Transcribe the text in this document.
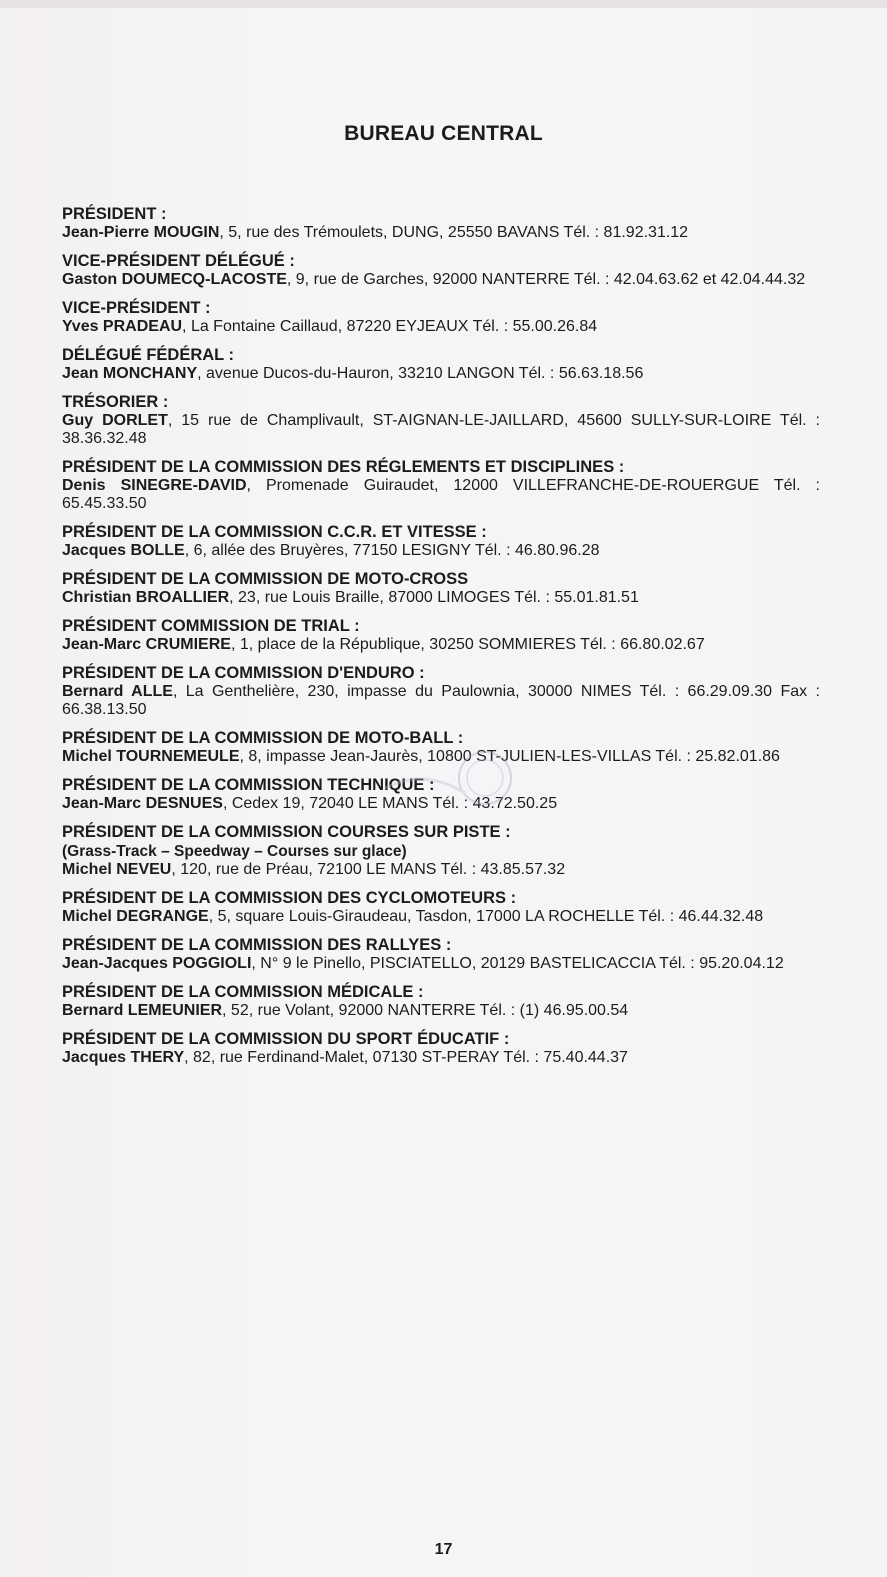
BUREAU CENTRAL
PRÉSIDENT :
Jean-Pierre MOUGIN, 5, rue des Trémoulets, DUNG, 25550 BAVANS Tél. : 81.92.31.12
VICE-PRÉSIDENT DÉLÉGUÉ :
Gaston DOUMECQ-LACOSTE, 9, rue de Garches, 92000 NANTERRE Tél. : 42.04.63.62 et 42.04.44.32
VICE-PRÉSIDENT :
Yves PRADEAU, La Fontaine Caillaud, 87220 EYJEAUX Tél. : 55.00.26.84
DÉLÉGUÉ FÉDÉRAL :
Jean MONCHANY, avenue Ducos-du-Hauron, 33210 LANGON Tél. : 56.63.18.56
TRÉSORIER :
Guy DORLET, 15 rue de Champlivault, ST-AIGNAN-LE-JAILLARD, 45600 SULLY-SUR-LOIRE Tél. : 38.36.32.48
PRÉSIDENT DE LA COMMISSION DES RÉGLEMENTS ET DISCIPLINES :
Denis SINEGRE-DAVID, Promenade Guiraudet, 12000 VILLEFRANCHE-DE-ROUERGUE Tél. : 65.45.33.50
PRÉSIDENT DE LA COMMISSION C.C.R. ET VITESSE :
Jacques BOLLE, 6, allée des Bruyères, 77150 LESIGNY Tél. : 46.80.96.28
PRÉSIDENT DE LA COMMISSION DE MOTO-CROSS
Christian BROALLIER, 23, rue Louis Braille, 87000 LIMOGES Tél. : 55.01.81.51
PRÉSIDENT COMMISSION DE TRIAL :
Jean-Marc CRUMIERE, 1, place de la République, 30250 SOMMIERES Tél. : 66.80.02.67
PRÉSIDENT DE LA COMMISSION D'ENDURO :
Bernard ALLE, La Genthelière, 230, impasse du Paulownia, 30000 NIMES Tél. : 66.29.09.30 Fax : 66.38.13.50
PRÉSIDENT DE LA COMMISSION DE MOTO-BALL :
Michel TOURNEMEULE, 8, impasse Jean-Jaurès, 10800 ST-JULIEN-LES-VILLAS Tél. : 25.82.01.86
PRÉSIDENT DE LA COMMISSION TECHNIQUE :
Jean-Marc DESNUES, Cedex 19, 72040 LE MANS Tél. : 43.72.50.25
PRÉSIDENT DE LA COMMISSION COURSES SUR PISTE :
(Grass-Track – Speedway – Courses sur glace)
Michel NEVEU, 120, rue de Préau, 72100 LE MANS Tél. : 43.85.57.32
PRÉSIDENT DE LA COMMISSION DES CYCLOMOTEURS :
Michel DEGRANGE, 5, square Louis-Giraudeau, Tasdon, 17000 LA ROCHELLE Tél. : 46.44.32.48
PRÉSIDENT DE LA COMMISSION DES RALLYES :
Jean-Jacques POGGIOLI, N° 9 le Pinello, PISCIATELLO, 20129 BASTELICACCIA Tél. : 95.20.04.12
PRÉSIDENT DE LA COMMISSION MÉDICALE :
Bernard LEMEUNIER, 52, rue Volant, 92000 NANTERRE Tél. : (1) 46.95.00.54
PRÉSIDENT DE LA COMMISSION DU SPORT ÉDUCATIF :
Jacques THERY, 82, rue Ferdinand-Malet, 07130 ST-PERAY Tél. : 75.40.44.37
17
